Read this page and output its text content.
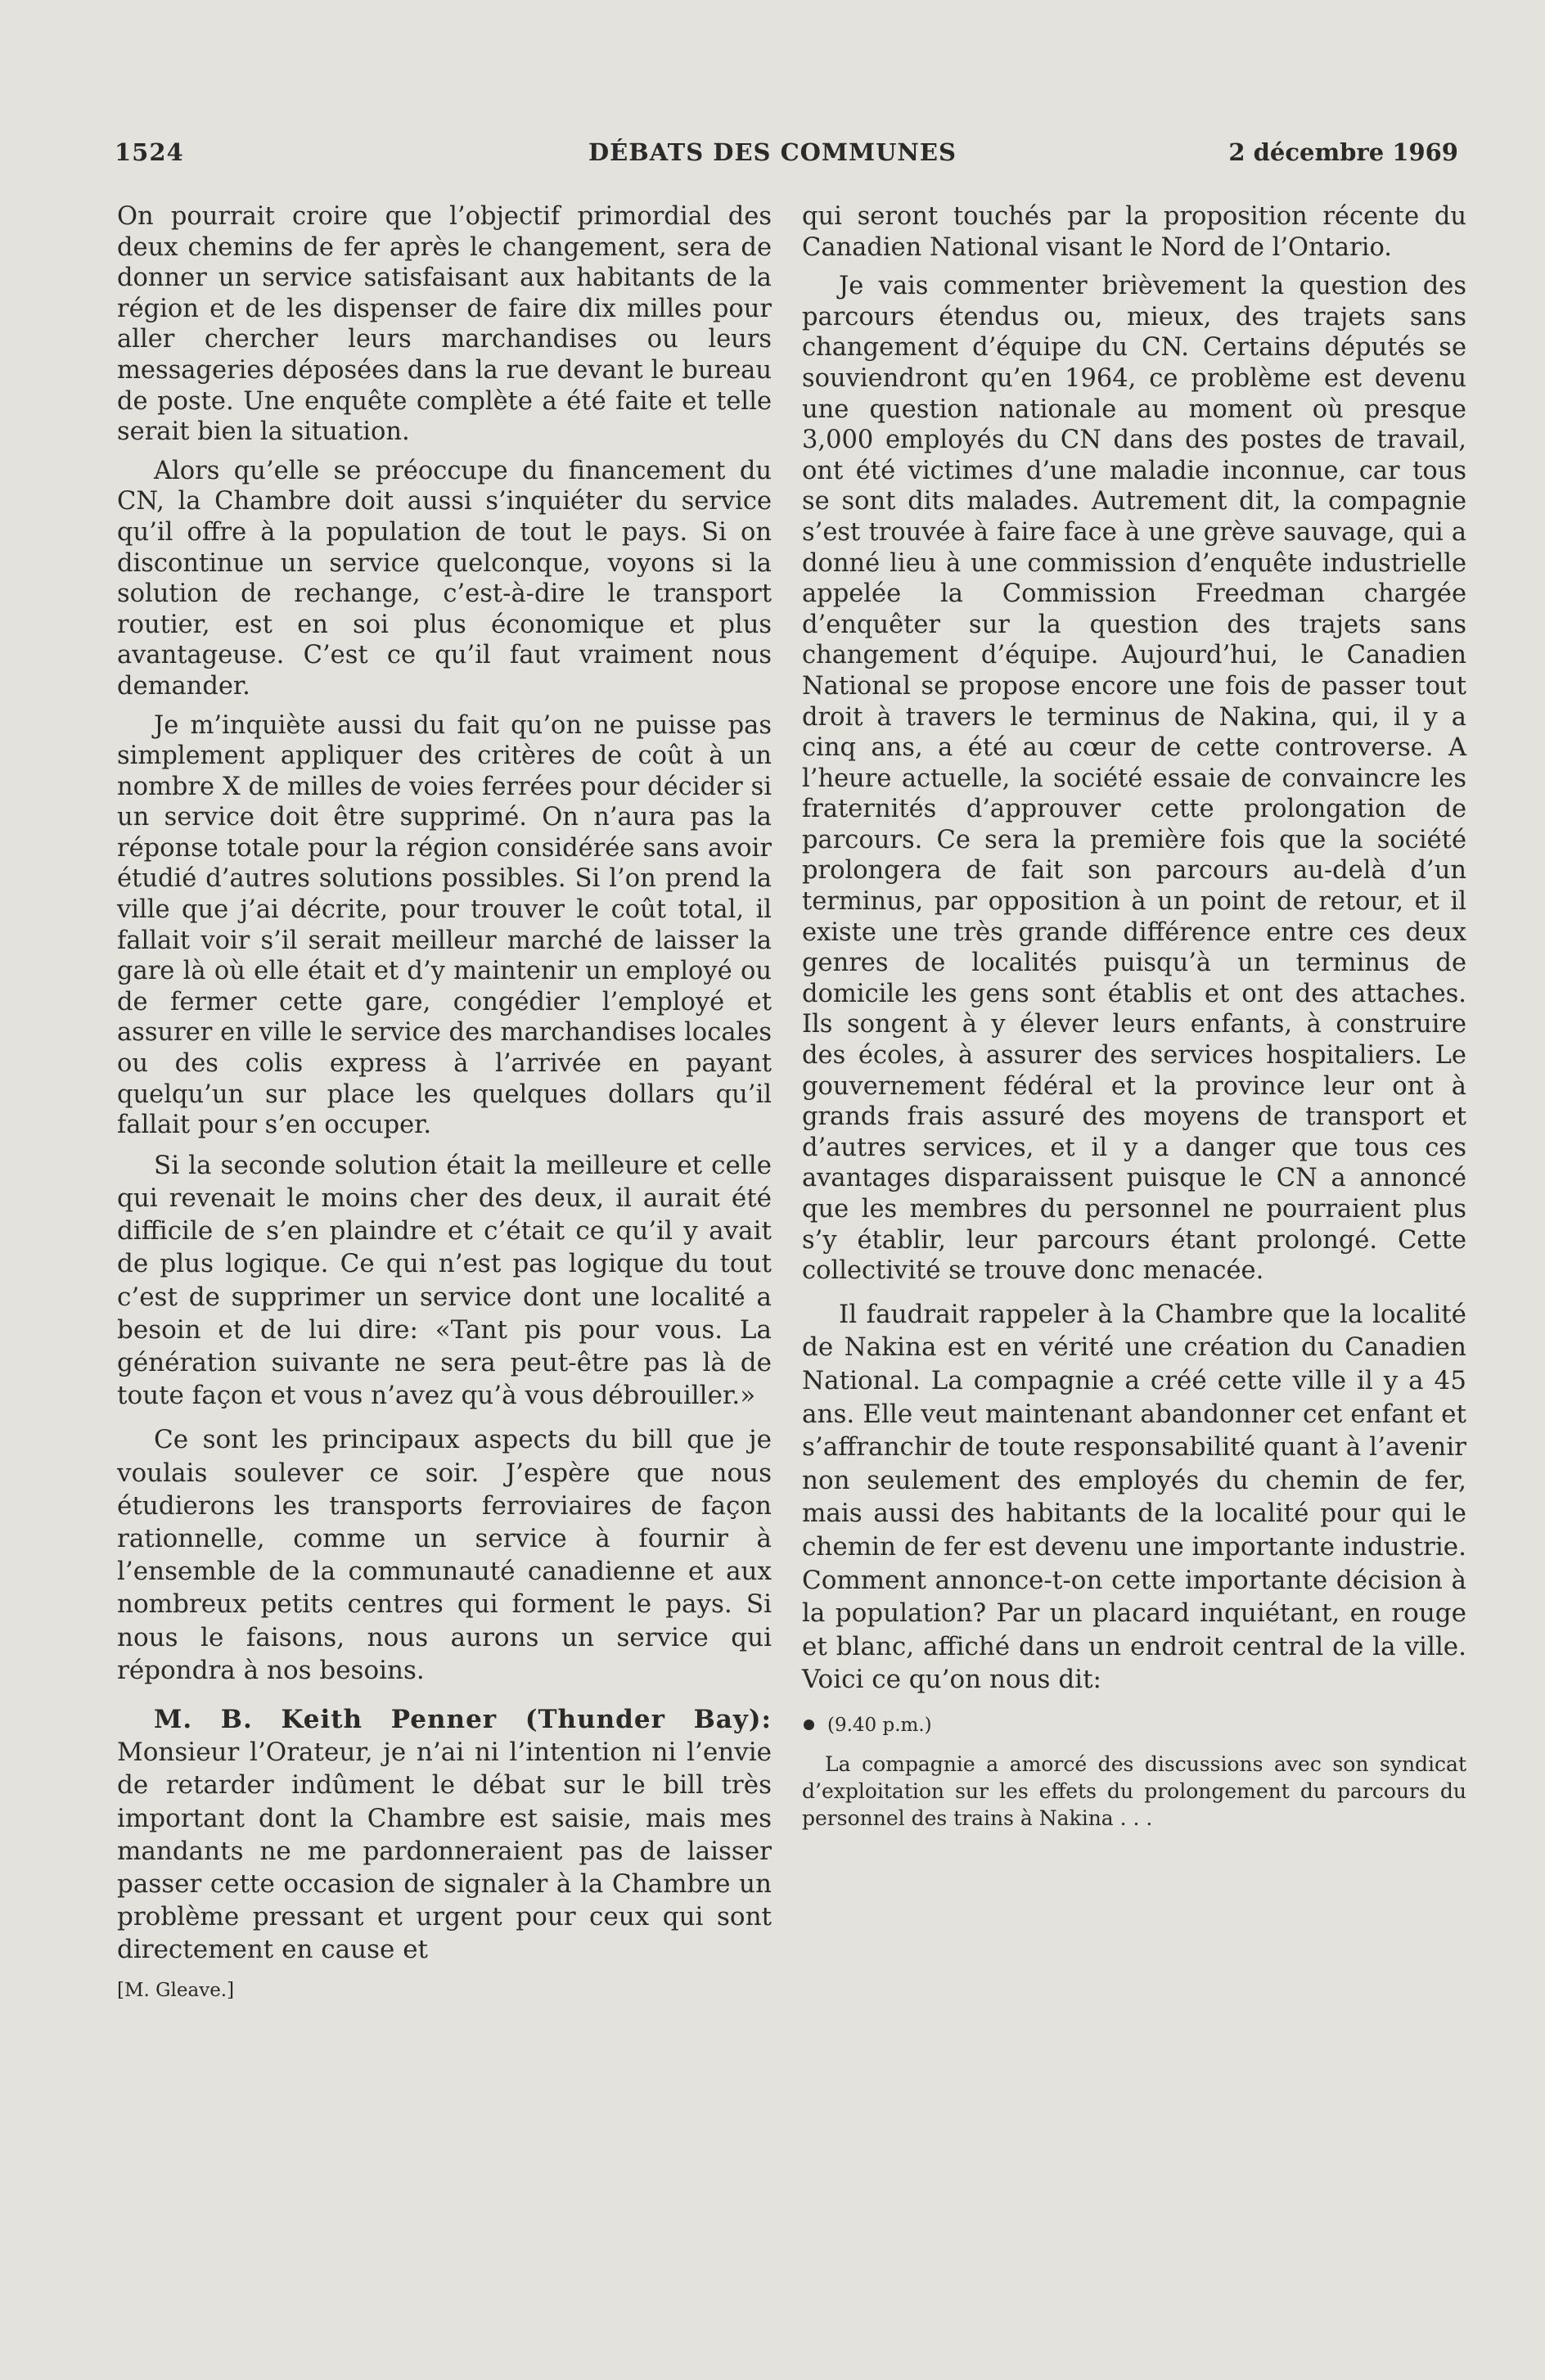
1524	DÉBATS DES COMMUNES	2 décembre 1969

On pourrait croire que l’objectif primordial des deux chemins de fer après le changement, sera de donner un service satisfaisant aux habitants de la région et de les dispenser de faire dix milles pour aller chercher leurs marchandises ou leurs messageries déposées dans la rue devant le bureau de poste. Une enquête complète a été faite et telle serait bien la situation.

Alors qu’elle se préoccupe du financement du CN, la Chambre doit aussi s’inquiéter du service qu’il offre à la population de tout le pays. Si on discontinue un service quelconque, voyons si la solution de rechange, c’est-à-dire le transport routier, est en soi plus économique et plus avantageuse. C’est ce qu’il faut vraiment nous demander.

Je m’inquiète aussi du fait qu’on ne puisse pas simplement appliquer des critères de coût à un nombre X de milles de voies ferrées pour décider si un service doit être supprimé. On n’aura pas la réponse totale pour la région considérée sans avoir étudié d’autres solutions possibles. Si l’on prend la ville que j’ai décrite, pour trouver le coût total, il fallait voir s’il serait meilleur marché de laisser la gare là où elle était et d’y maintenir un employé ou de fermer cette gare, congédier l’employé et assurer en ville le service des marchandises locales ou des colis express à l’arrivée en payant quelqu’un sur place les quelques dollars qu’il fallait pour s’en occuper.

Si la seconde solution était la meilleure et celle qui revenait le moins cher des deux, il aurait été difficile de s’en plaindre et c’était ce qu’il y avait de plus logique. Ce qui n’est pas logique du tout c’est de supprimer un service dont une localité a besoin et de lui dire: «Tant pis pour vous. La génération suivante ne sera peut-être pas là de toute façon et vous n’avez qu’à vous débrouiller.»

Ce sont les principaux aspects du bill que je voulais soulever ce soir. J’espère que nous étudierons les transports ferroviaires de façon rationnelle, comme un service à fournir à l’ensemble de la communauté canadienne et aux nombreux petits centres qui forment le pays. Si nous le faisons, nous aurons un service qui répondra à nos besoins.

M. B. Keith Penner (Thunder Bay): Monsieur l’Orateur, je n’ai ni l’intention ni l’envie de retarder indûment le débat sur le bill très important dont la Chambre est saisie, mais mes mandants ne me pardonneraient pas de laisser passer cette occasion de signaler à la Chambre un problème pressant et urgent pour ceux qui sont directement en cause et

[M. Gleave.]

qui seront touchés par la proposition récente du Canadien National visant le Nord de l’Ontario.

Je vais commenter brièvement la question des parcours étendus ou, mieux, des trajets sans changement d’équipe du CN. Certains députés se souviendront qu’en 1964, ce problème est devenu une question nationale au moment où presque 3,000 employés du CN dans des postes de travail, ont été victimes d’une maladie inconnue, car tous se sont dits malades. Autrement dit, la compagnie s’est trouvée à faire face à une grève sauvage, qui a donné lieu à une commission d’enquête industrielle appelée la Commission Freedman chargée d’enquêter sur la question des trajets sans changement d’équipe. Aujourd’hui, le Canadien National se propose encore une fois de passer tout droit à travers le terminus de Nakina, qui, il y a cinq ans, a été au cœur de cette controverse. A l’heure actuelle, la société essaie de convaincre les fraternités d’approuver cette prolongation de parcours. Ce sera la première fois que la société prolongera de fait son parcours au-delà d’un terminus, par opposition à un point de retour, et il existe une très grande différence entre ces deux genres de localités puisqu’à un terminus de domicile les gens sont établis et ont des attaches. Ils songent à y élever leurs enfants, à construire des écoles, à assurer des services hospitaliers. Le gouvernement fédéral et la province leur ont à grands frais assuré des moyens de transport et d’autres services, et il y a danger que tous ces avantages disparaissent puisque le CN a annoncé que les membres du personnel ne pourraient plus s’y établir, leur parcours étant prolongé. Cette collectivité se trouve donc menacée.

Il faudrait rappeler à la Chambre que la localité de Nakina est en vérité une création du Canadien National. La compagnie a créé cette ville il y a 45 ans. Elle veut maintenant abandonner cet enfant et s’affranchir de toute responsabilité quant à l’avenir non seulement des employés du chemin de fer, mais aussi des habitants de la localité pour qui le chemin de fer est devenu une importante industrie. Comment annonce-t-on cette importante décision à la population? Par un placard inquiétant, en rouge et blanc, affiché dans un endroit central de la ville. Voici ce qu’on nous dit:

(9.40 p.m.)

La compagnie a amorcé des discussions avec son syndicat d’exploitation sur les effets du prolongement du parcours du personnel des trains à Nakina . . .
